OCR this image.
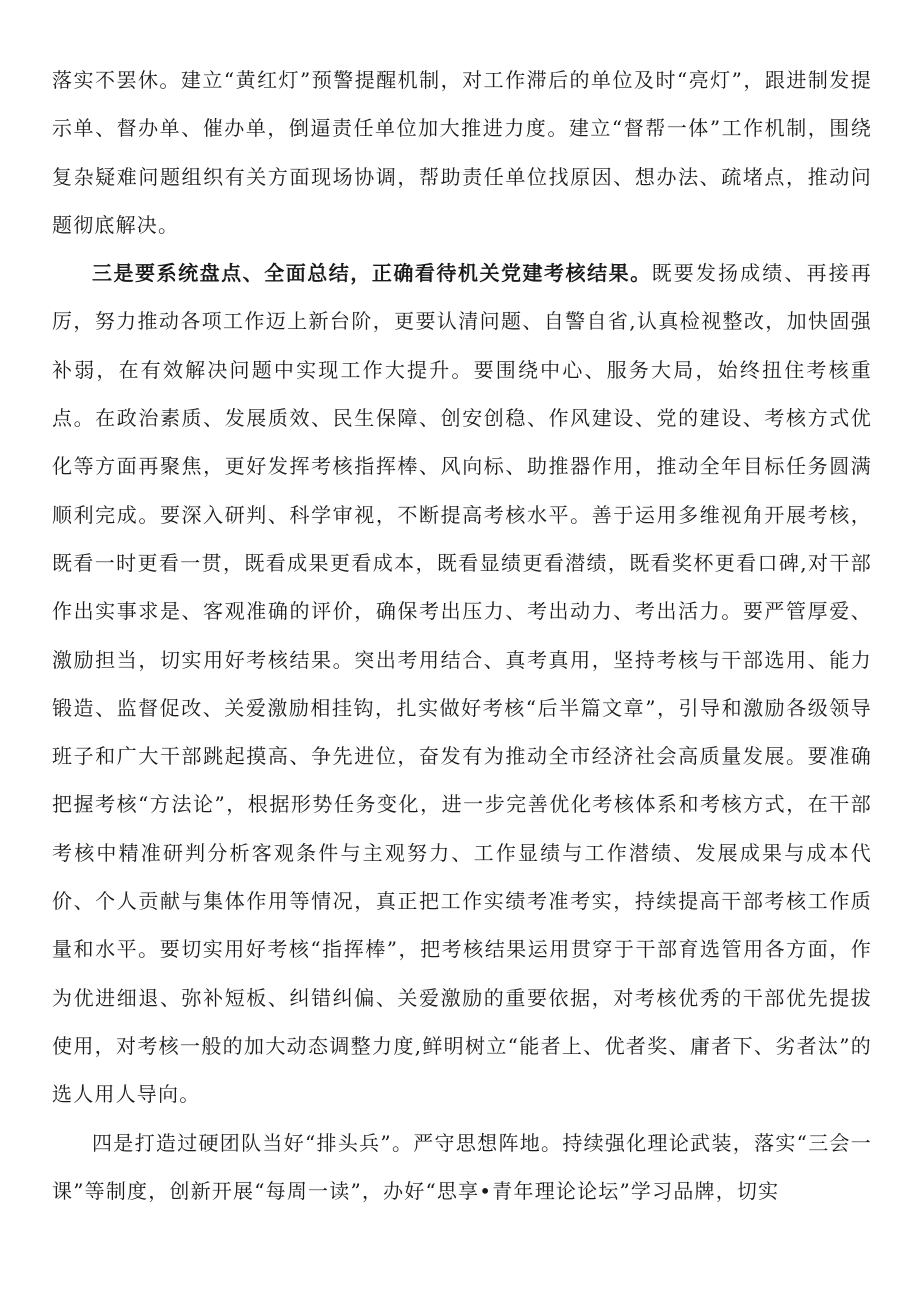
落实不罢休。建立“黄红灯”预警提醒机制，对工作滞后的单位及时“亮灯”，跟进制发提示单、督办单、催办单，倒逼责任单位加大推进力度。建立“督帮一体”工作机制，围绕复杂疑难问题组织有关方面现场协调，帮助责任单位找原因、想办法、疏堵点，推动问题彻底解决。

三是要系统盘点、全面总结，正确看待机关党建考核结果。既要发扬成绩、再接再厉，努力推动各项工作迈上新台阶，更要认清问题、自警自省,认真检视整改，加快固强补弱，在有效解决问题中实现工作大提升。要围绕中心、服务大局，始终扭住考核重点。在政治素质、发展质效、民生保障、创安创稳、作风建设、党的建设、考核方式优化等方面再聚焦，更好发挥考核指挥棒、风向标、助推器作用，推动全年目标任务圆满顺利完成。要深入研判、科学审视，不断提高考核水平。善于运用多维视角开展考核，既看一时更看一贯，既看成果更看成本，既看显绩更看潜绩，既看奖杯更看口碑,对干部作出实事求是、客观准确的评价，确保考出压力、考出动力、考出活力。要严管厚爱、激励担当，切实用好考核结果。突出考用结合、真考真用，坚持考核与干部选用、能力锻造、监督促改、关爱激励相挂钩，扎实做好考核“后半篇文章”，引导和激励各级领导班子和广大干部跳起摸高、争先进位，奋发有为推动全市经济社会高质量发展。要准确把握考核“方法论”，根据形势任务变化，进一步完善优化考核体系和考核方式，在干部考核中精准研判分析客观条件与主观努力、工作显绩与工作潜绩、发展成果与成本代价、个人贡献与集体作用等情况，真正把工作实绩考准考实，持续提高干部考核工作质量和水平。要切实用好考核“指挥棒”，把考核结果运用贯穿于干部育选管用各方面，作为优进细退、弥补短板、纠错纠偏、关爱激励的重要依据，对考核优秀的干部优先提拔使用，对考核一般的加大动态调整力度,鲜明树立“能者上、优者奖、庸者下、劣者汰”的选人用人导向。

四是打造过硬团队当好“排头兵”。严守思想阵地。持续强化理论武装，落实“三会一课”等制度，创新开展“每周一读”，办好“思享•青年理论论坛”学习品牌，切实
